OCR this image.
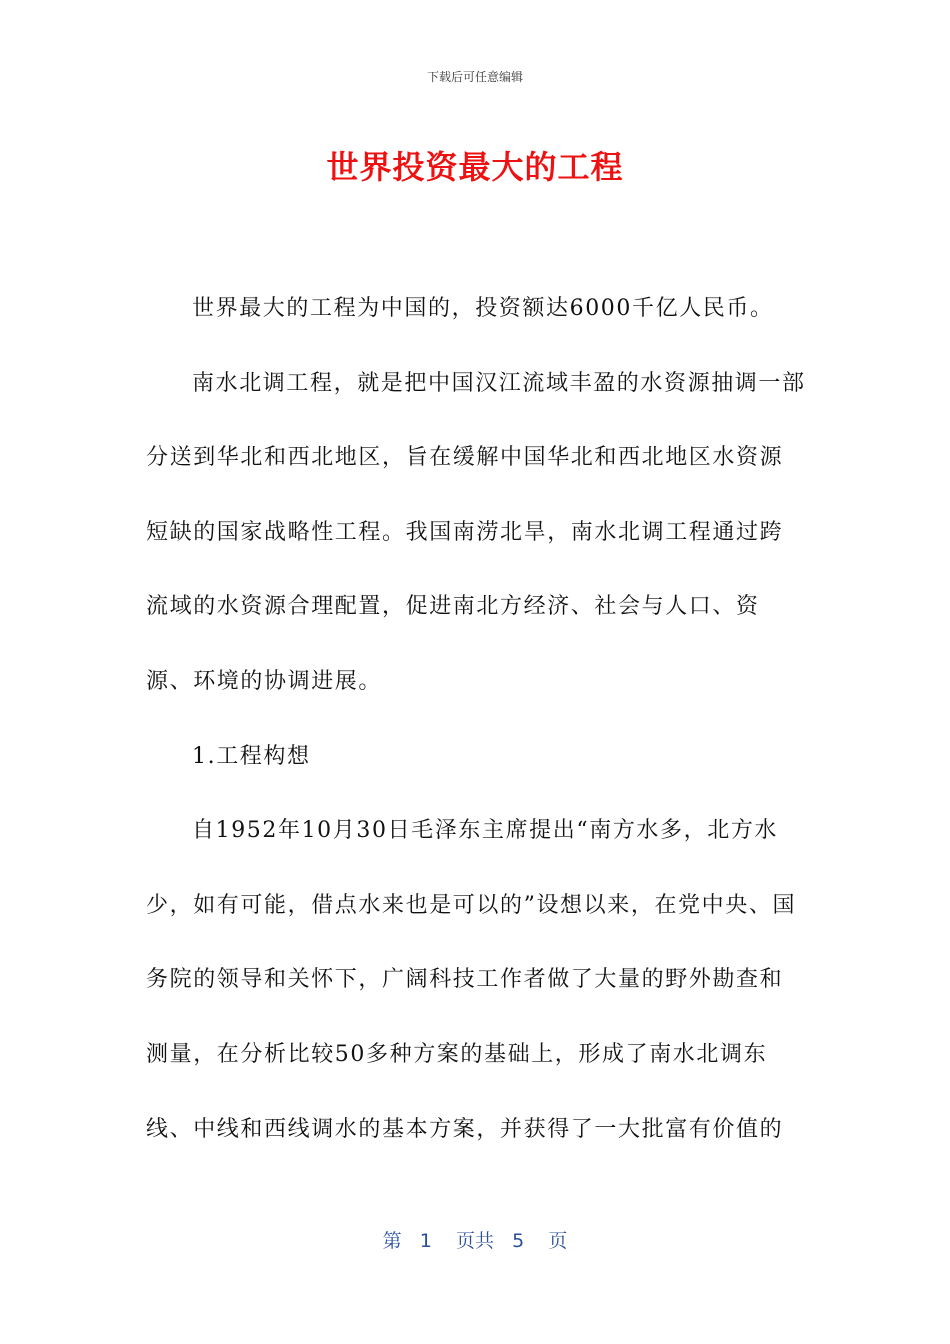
下载后可任意编辑
世界投资最大的工程

世界最大的工程为中国的，投资额达6000千亿人民币。

南水北调工程，就是把中国汉江流域丰盈的水资源抽调一部分送到华北和西北地区，旨在缓解中国华北和西北地区水资源短缺的国家战略性工程。我国南涝北旱，南水北调工程通过跨流域的水资源合理配置，促进南北方经济、社会与人口、资源、环境的协调进展。

1.工程构想

自1952年10月30日毛泽东主席提出“南方水多，北方水少，如有可能，借点水来也是可以的”设想以来，在党中央、国务院的领导和关怀下，广阔科技工作者做了大量的野外勘查和测量，在分析比较50多种方案的基础上，形成了南水北调东线、中线和西线调水的基本方案，并获得了一大批富有价值的

第 1 页共 5 页
